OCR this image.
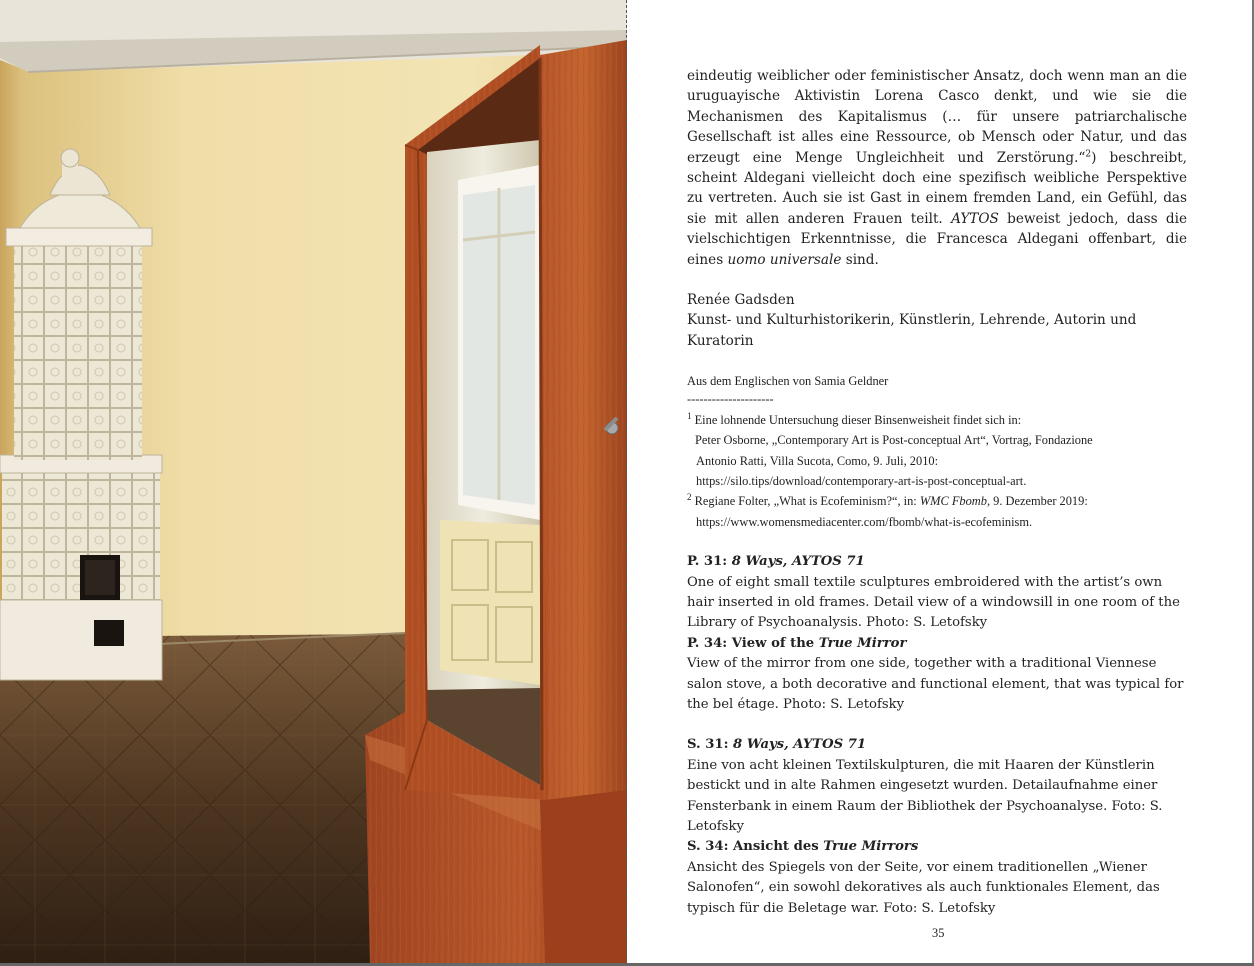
eindeutig weiblicher oder feministischer Ansatz, doch wenn man an die uruguayische Aktivistin Lorena Casco denkt, und wie sie die Mechanismen des Kapitalismus (… für unsere patriarchalische Gesellschaft ist alles eine Ressource, ob Mensch oder Natur, und das erzeugt eine Menge Ungleichheit und Zerstörung.“$^2$) beschreibt, scheint Aldegani vielleicht doch eine spezifisch weibliche Perspektive zu vertreten. Auch sie ist Gast in einem fremden Land, ein Gefühl, das sie mit allen anderen Frauen teilt. AYTOS beweist jedoch, dass die vielschichtigen Erkenntnisse, die Francesca Aldegani offenbart, die eines uomo universale sind.

Renée Gadsden

Kunst- und Kulturhistorikerin, Künstlerin, Lehrende, Autorin und Kuratorin

Aus dem Englischen von Samia Geldner

---------------------

$^1$ Eine lohnende Untersuchung dieser Binsenweisheit findet sich in:

Peter Osborne, „Contemporary Art is Post-conceptual Art“, Vortrag, Fondazione

Antonio Ratti, Villa Sucota, Como, 9. Juli, 2010:

https://silo.tips/download/contemporary-art-is-post-conceptual-art.

$^2$ Regiane Folter, „What is Ecofeminism?“, in: WMC Fbomb, 9. Dezember 2019:

https://www.womensmediacenter.com/fbomb/what-is-ecofeminism.

P. 31: 8 Ways, AYTOS 71

One of eight small textile sculptures embroidered with the artist’s own hair inserted in old frames. Detail view of a windowsill in one room of the Library of Psychoanalysis. Photo: S. Letofsky

P. 34: View of the True Mirror

View of the mirror from one side, together with a traditional Viennese salon stove, a both decorative and functional element, that was typical for the bel étage. Photo: S. Letofsky

S. 31: 8 Ways, AYTOS 71

Eine von acht kleinen Textilskulpturen, die mit Haaren der Künstlerin bestickt und in alte Rahmen eingesetzt wurden. Detailaufnahme einer Fensterbank in einem Raum der Bibliothek der Psychoanalyse. Foto: S. Letofsky

S. 34: Ansicht des True Mirrors

Ansicht des Spiegels von der Seite, vor einem traditionellen „Wiener Salonofen“, ein sowohl dekoratives als auch funktionales Element, das typisch für die Beletage war. Foto: S. Letofsky

35
